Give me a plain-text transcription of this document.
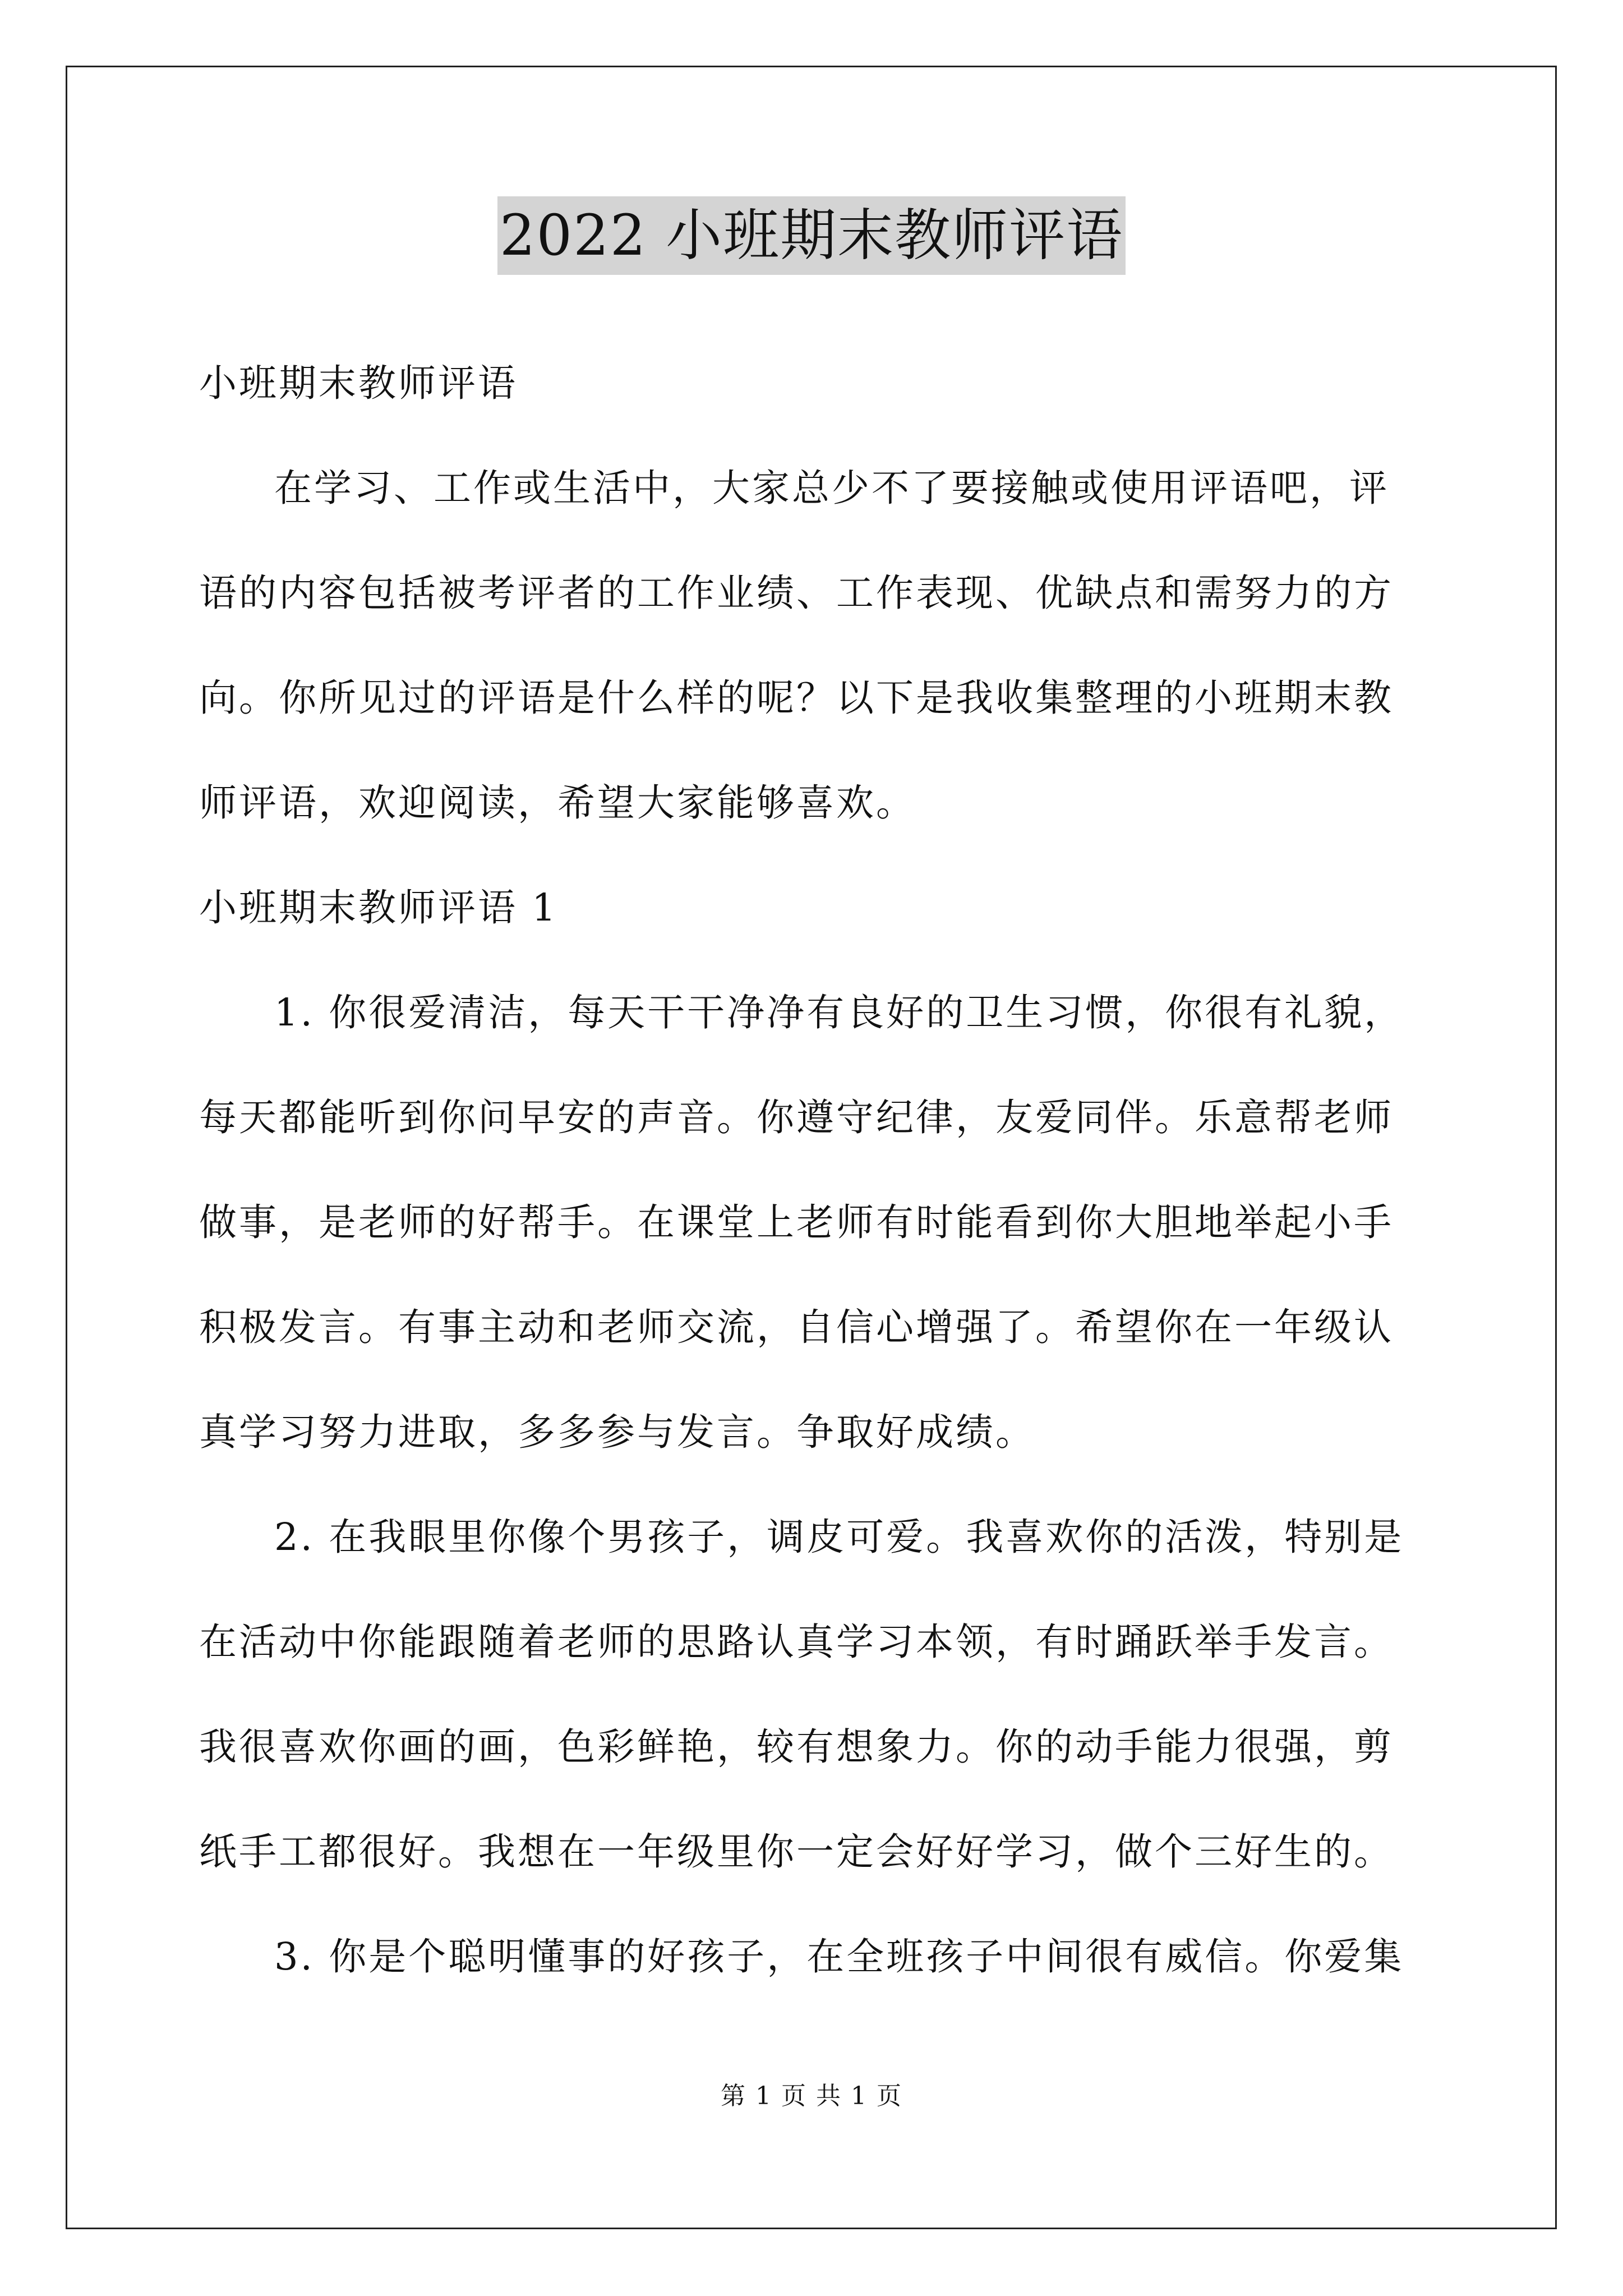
2022 小班期末教师评语
小班期末教师评语
在学习、工作或生活中，大家总少不了要接触或使用评语吧，评
语的内容包括被考评者的工作业绩、工作表现、优缺点和需努力的方
向。你所见过的评语是什么样的呢？以下是我收集整理的小班期末教
师评语，欢迎阅读，希望大家能够喜欢。
小班期末教师评语 1
1. 你很爱清洁，每天干干净净有良好的卫生习惯，你很有礼貌，
每天都能听到你问早安的声音。你遵守纪律，友爱同伴。乐意帮老师
做事，是老师的好帮手。在课堂上老师有时能看到你大胆地举起小手
积极发言。有事主动和老师交流，自信心增强了。希望你在一年级认
真学习努力进取，多多参与发言。争取好成绩。
2. 在我眼里你像个男孩子，调皮可爱。我喜欢你的活泼，特别是
在活动中你能跟随着老师的思路认真学习本领，有时踊跃举手发言。
我很喜欢你画的画，色彩鲜艳，较有想象力。你的动手能力很强，剪
纸手工都很好。我想在一年级里你一定会好好学习，做个三好生的。
3. 你是个聪明懂事的好孩子，在全班孩子中间很有威信。你爱集
第 1 页 共 1 页
